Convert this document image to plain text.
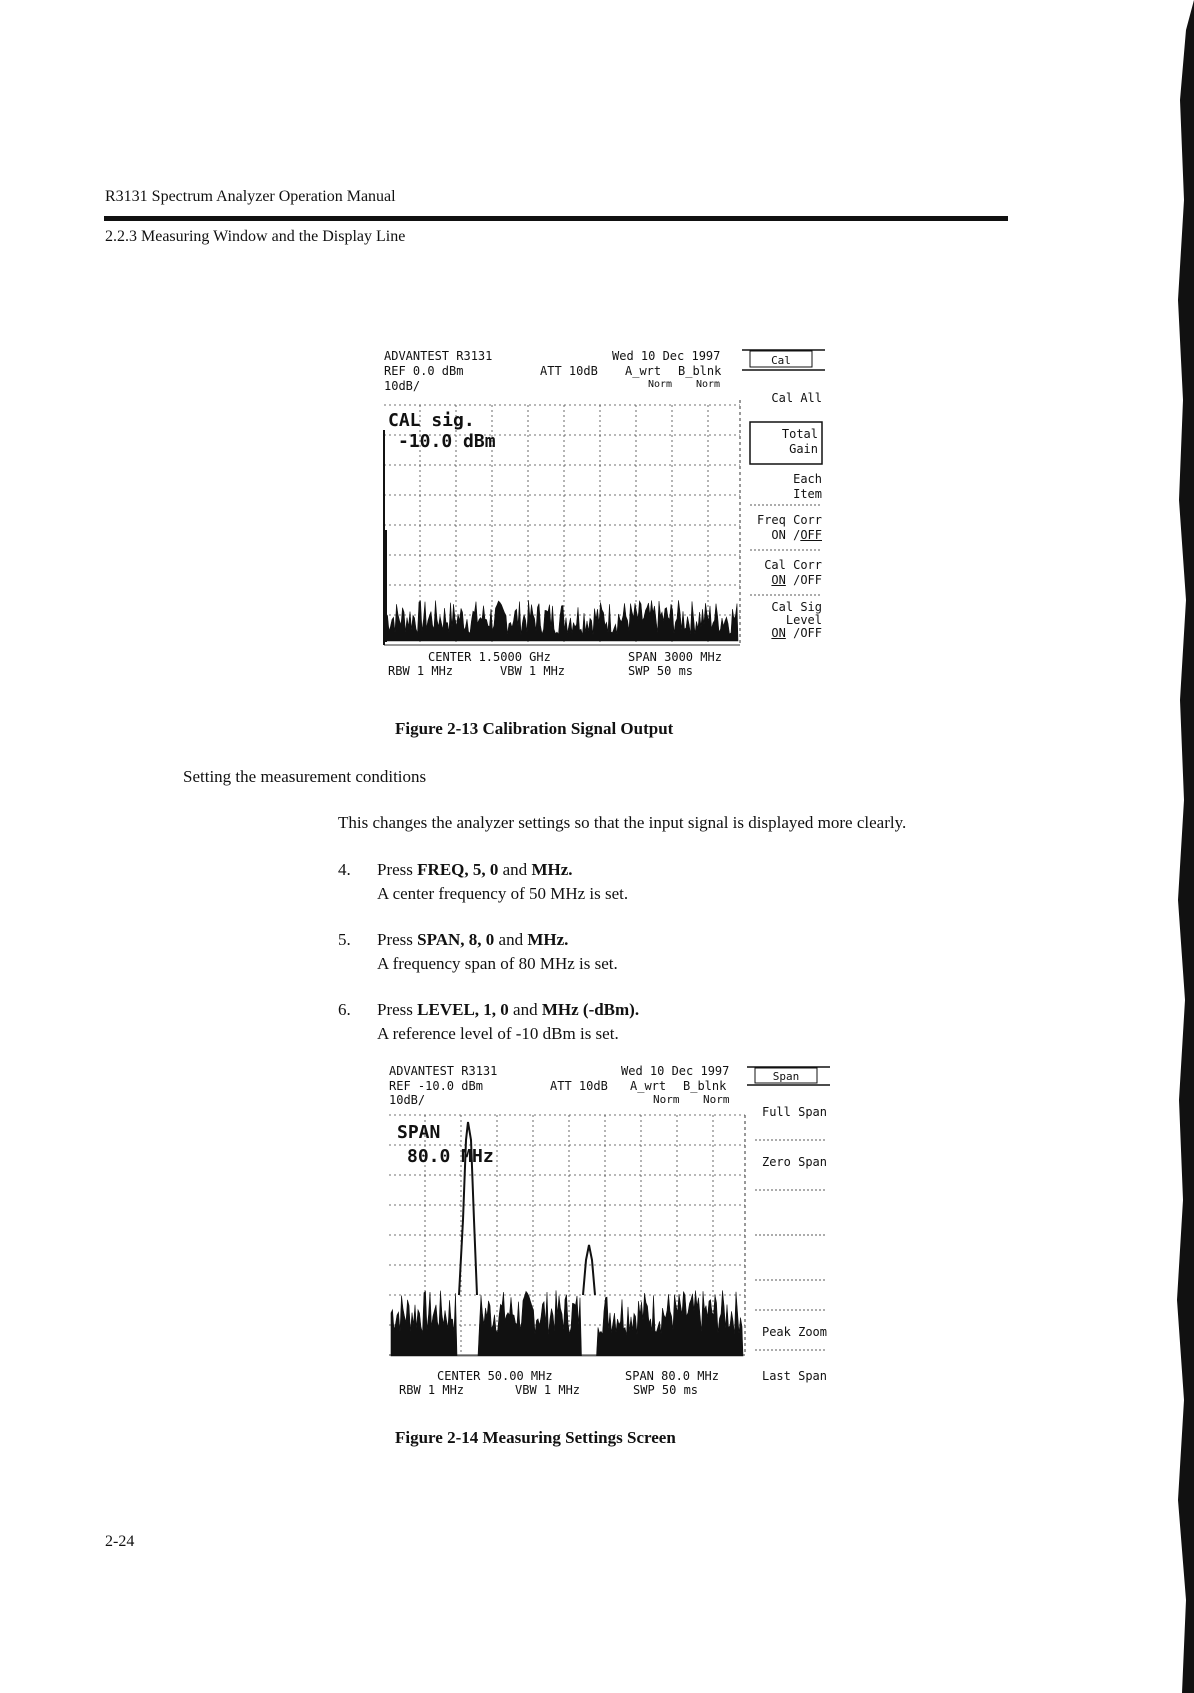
R3131 Spectrum Analyzer Operation Manual
2.2.3 Measuring Window and the Display Line
ADVANTEST R3131	Wed 10 Dec 1997
REF 0.0 dBm	ATT 10dB A_wrt B_blnk
10dB/	Norm Norm
CAL sig.
-10.0 dBm
CENTER 1.5000 GHz	SPAN 3000 MHz
RBW 1 MHz	VBW 1 MHz	SWP 50 ms
Cal
Cal All
Total
Gain
Each
Item
Freq Corr
ON /OFF
Cal Corr
ON /OFF
Cal Sig
Level
ON /OFF
Figure 2-13 Calibration Signal Output
Setting the measurement conditions
This changes the analyzer settings so that the input signal is displayed more clearly.
4. Press FREQ, 5, 0 and MHz.
A center frequency of 50 MHz is set.
5. Press SPAN, 8, 0 and MHz.
A frequency span of 80 MHz is set.
6. Press LEVEL, 1, 0 and MHz (-dBm).
A reference level of -10 dBm is set.
ADVANTEST R3131	Wed 10 Dec 1997
REF -10.0 dBm	ATT 10dB A_wrt B_blnk
10dB/	Norm Norm
SPAN
80.0 MHz
CENTER 50.00 MHz	SPAN 80.0 MHz
RBW 1 MHz	VBW 1 MHz	SWP 50 ms
Span
Full Span
Zero Span
Peak Zoom
Last Span
Figure 2-14 Measuring Settings Screen
2-24
